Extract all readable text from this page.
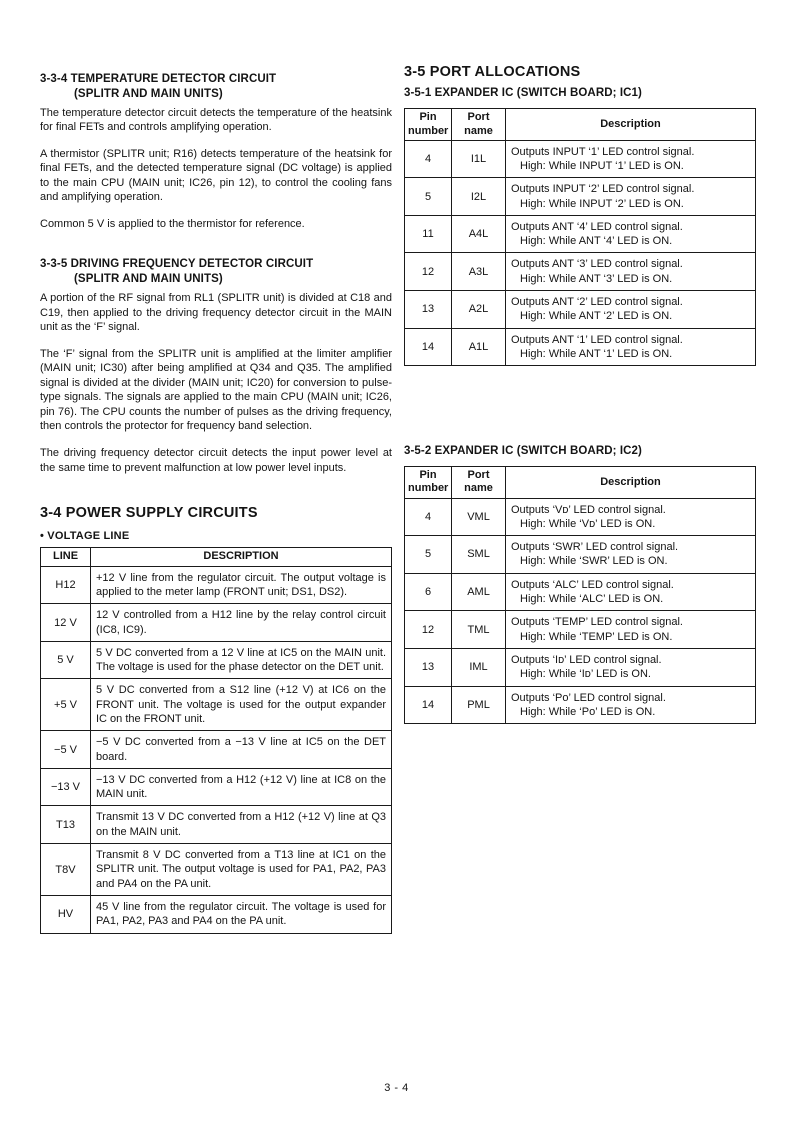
3-3-4 TEMPERATURE DETECTOR CIRCUIT
(SPLITR AND MAIN UNITS)

The temperature detector circuit detects the temperature of the heatsink for final FETs and controls amplifying operation.

A thermistor (SPLITR unit; R16) detects temperature of the heatsink for final FETs, and the detected temperature signal (DC voltage) is applied to the main CPU (MAIN unit; IC26, pin 12), to control the cooling fans and amplifying operation.

Common 5 V is applied to the thermistor for reference.

3-3-5 DRIVING FREQUENCY DETECTOR CIRCUIT
(SPLITR AND MAIN UNITS)

A portion of the RF signal from RL1 (SPLITR unit) is divided at C18 and C19, then applied to the driving frequency detector circuit in the MAIN unit as the ‘F’ signal.

The ‘F’ signal from the SPLITR unit is amplified at the limiter amplifier (MAIN unit; IC30) after being amplified at Q34 and Q35. The amplified signal is divided at the divider (MAIN unit; IC20) for conversion to pulse-type signals. The signals are applied to the main CPU (MAIN unit; IC26, pin 76). The CPU counts the number of pulses as the driving frequency, then controls the protector for frequency band selection.

The driving frequency detector circuit detects the input power level at the same time to prevent malfunction at low power level inputs.

3-4 POWER SUPPLY CIRCUITS
• VOLTAGE LINE
LINE	DESCRIPTION
H12	+12 V line from the regulator circuit. The output voltage is applied to the meter lamp (FRONT unit; DS1, DS2).
12 V	12 V controlled from a H12 line by the relay control circuit (IC8, IC9).
5 V	5 V DC converted from a 12 V line at IC5 on the MAIN unit. The voltage is used for the phase detector on the DET unit.
+5 V	5 V DC converted from a S12 line (+12 V) at IC6 on the FRONT unit. The voltage is used for the output expander IC on the FRONT unit.
−5 V	−5 V DC converted from a −13 V line at IC5 on the DET board.
−13 V	−13 V DC converted from a H12 (+12 V) line at IC8 on the MAIN unit.
T13	Transmit 13 V DC converted from a H12 (+12 V) line at Q3 on the MAIN unit.
T8V	Transmit 8 V DC converted from a T13 line at IC1 on the SPLITR unit. The output voltage is used for PA1, PA2, PA3 and PA4 on the PA unit.
HV	45 V line from the regulator circuit. The voltage is used for PA1, PA2, PA3 and PA4 on the PA unit.
3-5 PORT ALLOCATIONS
3-5-1 EXPANDER IC (SWITCH BOARD; IC1)
Pin number	Port name	Description
4	I1L	Outputs INPUT ‘1’ LED control signal.
High: While INPUT ‘1’ LED is ON.

5	I2L	Outputs INPUT ‘2’ LED control signal.
High: While INPUT ‘2’ LED is ON.

11	A4L	Outputs ANT ‘4’ LED control signal.
High: While ANT ‘4’ LED is ON.

12	A3L	Outputs ANT ‘3’ LED control signal.
High: While ANT ‘3’ LED is ON.

13	A2L	Outputs ANT ‘2’ LED control signal.
High: While ANT ‘2’ LED is ON.

14	A1L	Outputs ANT ‘1’ LED control signal.
High: While ANT ‘1’ LED is ON.
3-5-2 EXPANDER IC (SWITCH BOARD; IC2)
Pin number	Port name	Description
4	VML	Outputs ‘Vᴅ’ LED control signal.
High: While ‘Vᴅ’ LED is ON.

5	SML	Outputs ‘SWR’ LED control signal.
High: While ‘SWR’ LED is ON.

6	AML	Outputs ‘ALC’ LED control signal.
High: While ‘ALC’ LED is ON.

12	TML	Outputs ‘TEMP’ LED control signal.
High: While ‘TEMP’ LED is ON.

13	IML	Outputs ‘Iᴅ’ LED control signal.
High: While ‘Iᴅ’ LED is ON.

14	PML	Outputs ‘Pᴏ’ LED control signal.
High: While ‘Pᴏ’ LED is ON.
3 - 4
